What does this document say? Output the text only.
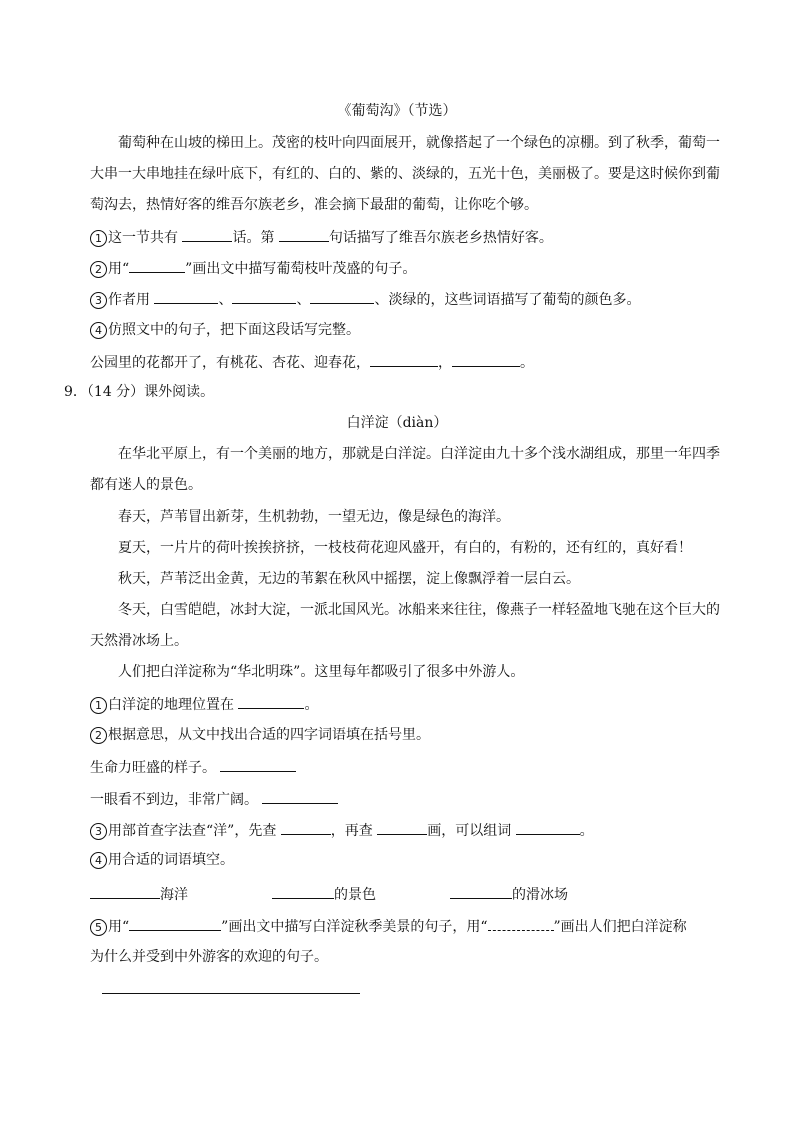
《葡萄沟》（节选）
葡萄种在山坡的梯田上。茂密的枝叶向四面展开，就像搭起了一个绿色的凉棚。到了秋季，葡萄一
大串一大串地挂在绿叶底下，有红的、白的、紫的、淡绿的，五光十色，美丽极了。要是这时候你到葡
萄沟去，热情好客的维吾尔族老乡，准会摘下最甜的葡萄，让你吃个够。
1 这一节共有	话。第	句话描写了维吾尔族老乡热情好客。
2 用“	”画出文中描写葡萄枝叶茂盛的句子。
3 作者用	、	、	、淡绿的，这些词语描写了葡萄的颜色多。
4 仿照文中的句子，把下面这段话写完整。
公园里的花都开了，有桃花、杏花、迎春花，	，	。
9．（14 分）课外阅读。
白洋淀（diàn）
在华北平原上，有一个美丽的地方，那就是白洋淀。白洋淀由九十多个浅水湖组成，那里一年四季
都有迷人的景色。
春天，芦苇冒出新芽，生机勃勃，一望无边，像是绿色的海洋。
夏天，一片片的荷叶挨挨挤挤，一枝枝荷花迎风盛开，有白的，有粉的，还有红的，真好看！
秋天，芦苇泛出金黄，无边的苇絮在秋风中摇摆，淀上像飘浮着一层白云。
冬天，白雪皑皑，冰封大淀，一派北国风光。冰船来来往往，像燕子一样轻盈地飞驰在这个巨大的
天然滑冰场上。
人们把白洋淀称为“华北明珠”。这里每年都吸引了很多中外游人。
1 白洋淀的地理位置在	。
2 根据意思，从文中找出合适的四字词语填在括号里。
生命力旺盛的样子。
一眼看不到边，非常广阔。
3 用部首查字法查“洋”，先查	，再查	画，可以组词	。
4 用合适的词语填空。
海洋	的景色	的滑冰场
5 用“	”画出文中描写白洋淀秋季美景的句子，用“	”画出人们把白洋淀称
为什么并受到中外游客的欢迎的句子。
